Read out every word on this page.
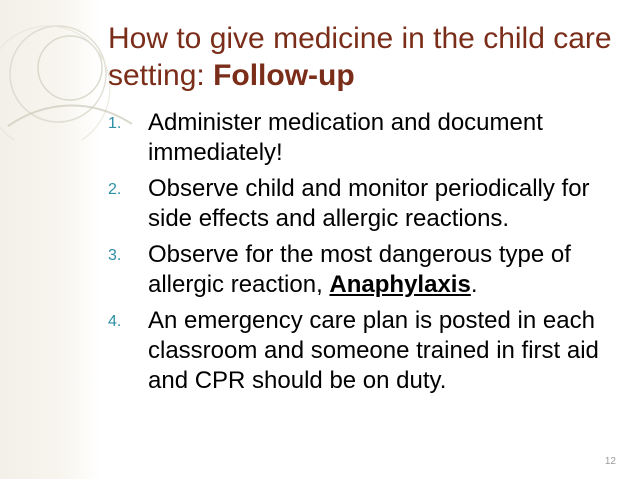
How to give medicine in the child care setting: Follow-up
1.	Administer medication and document immediately!
2.	Observe child and monitor periodically for side effects and allergic reactions.
3.	Observe for the most dangerous type of allergic reaction, Anaphylaxis.
4.	An emergency care plan is posted in each classroom and someone trained in first aid and CPR should be on duty.
12
